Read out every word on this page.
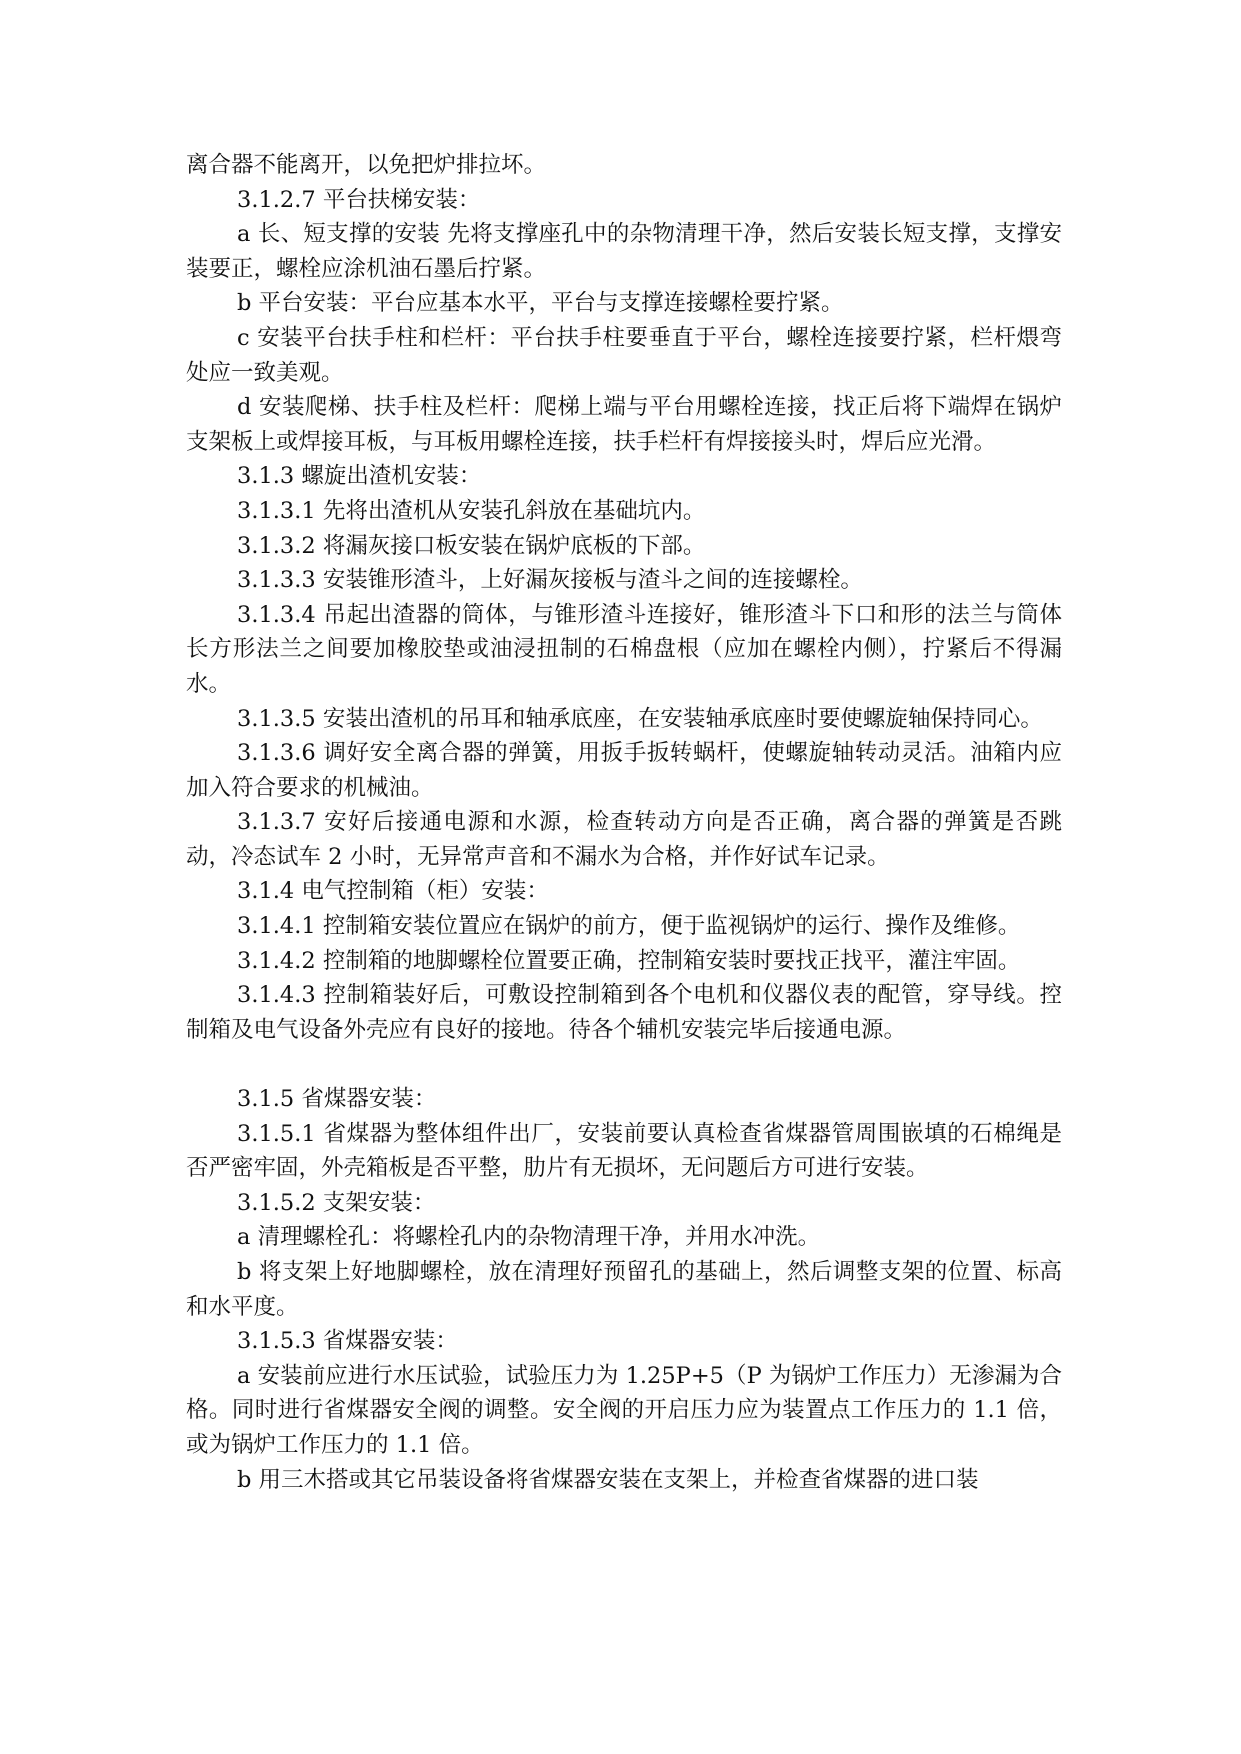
离合器不能离开，以免把炉排拉坏。

3.1.2.7 平台扶梯安装：

a 长、短支撑的安装 先将支撑座孔中的杂物清理干净，然后安装长短支撑，支撑安装要正，螺栓应涂机油石墨后拧紧。

b 平台安装：平台应基本水平，平台与支撑连接螺栓要拧紧。

c 安装平台扶手柱和栏杆：平台扶手柱要垂直于平台，螺栓连接要拧紧，栏杆煨弯处应一致美观。

d 安装爬梯、扶手柱及栏杆：爬梯上端与平台用螺栓连接，找正后将下端焊在锅炉支架板上或焊接耳板，与耳板用螺栓连接，扶手栏杆有焊接接头时，焊后应光滑。

3.1.3 螺旋出渣机安装：

3.1.3.1 先将出渣机从安装孔斜放在基础坑内。

3.1.3.2 将漏灰接口板安装在锅炉底板的下部。

3.1.3.3 安装锥形渣斗，上好漏灰接板与渣斗之间的连接螺栓。

3.1.3.4 吊起出渣器的筒体，与锥形渣斗连接好，锥形渣斗下口和形的法兰与筒体长方形法兰之间要加橡胶垫或油浸扭制的石棉盘根（应加在螺栓内侧），拧紧后不得漏水。

3.1.3.5 安装出渣机的吊耳和轴承底座，在安装轴承底座时要使螺旋轴保持同心。

3.1.3.6 调好安全离合器的弹簧，用扳手扳转蜗杆，使螺旋轴转动灵活。油箱内应加入符合要求的机械油。

3.1.3.7 安好后接通电源和水源，检查转动方向是否正确，离合器的弹簧是否跳动，冷态试车 2 小时，无异常声音和不漏水为合格，并作好试车记录。

3.1.4 电气控制箱（柜）安装：

3.1.4.1 控制箱安装位置应在锅炉的前方，便于监视锅炉的运行、操作及维修。

3.1.4.2 控制箱的地脚螺栓位置要正确，控制箱安装时要找正找平，灌注牢固。

3.1.4.3 控制箱装好后，可敷设控制箱到各个电机和仪器仪表的配管，穿导线。控制箱及电气设备外壳应有良好的接地。待各个辅机安装完毕后接通电源。

3.1.5 省煤器安装：

3.1.5.1 省煤器为整体组件出厂，安装前要认真检查省煤器管周围嵌填的石棉绳是否严密牢固，外壳箱板是否平整，肋片有无损坏，无问题后方可进行安装。

3.1.5.2 支架安装：

a 清理螺栓孔：将螺栓孔内的杂物清理干净，并用水冲洗。

b 将支架上好地脚螺栓，放在清理好预留孔的基础上，然后调整支架的位置、标高和水平度。

3.1.5.3 省煤器安装：

a 安装前应进行水压试验，试验压力为 1.25P+5（P 为锅炉工作压力）无渗漏为合格。同时进行省煤器安全阀的调整。安全阀的开启压力应为装置点工作压力的 1.1 倍，或为锅炉工作压力的 1.1 倍。

b 用三木搭或其它吊装设备将省煤器安装在支架上，并检查省煤器的进口装
